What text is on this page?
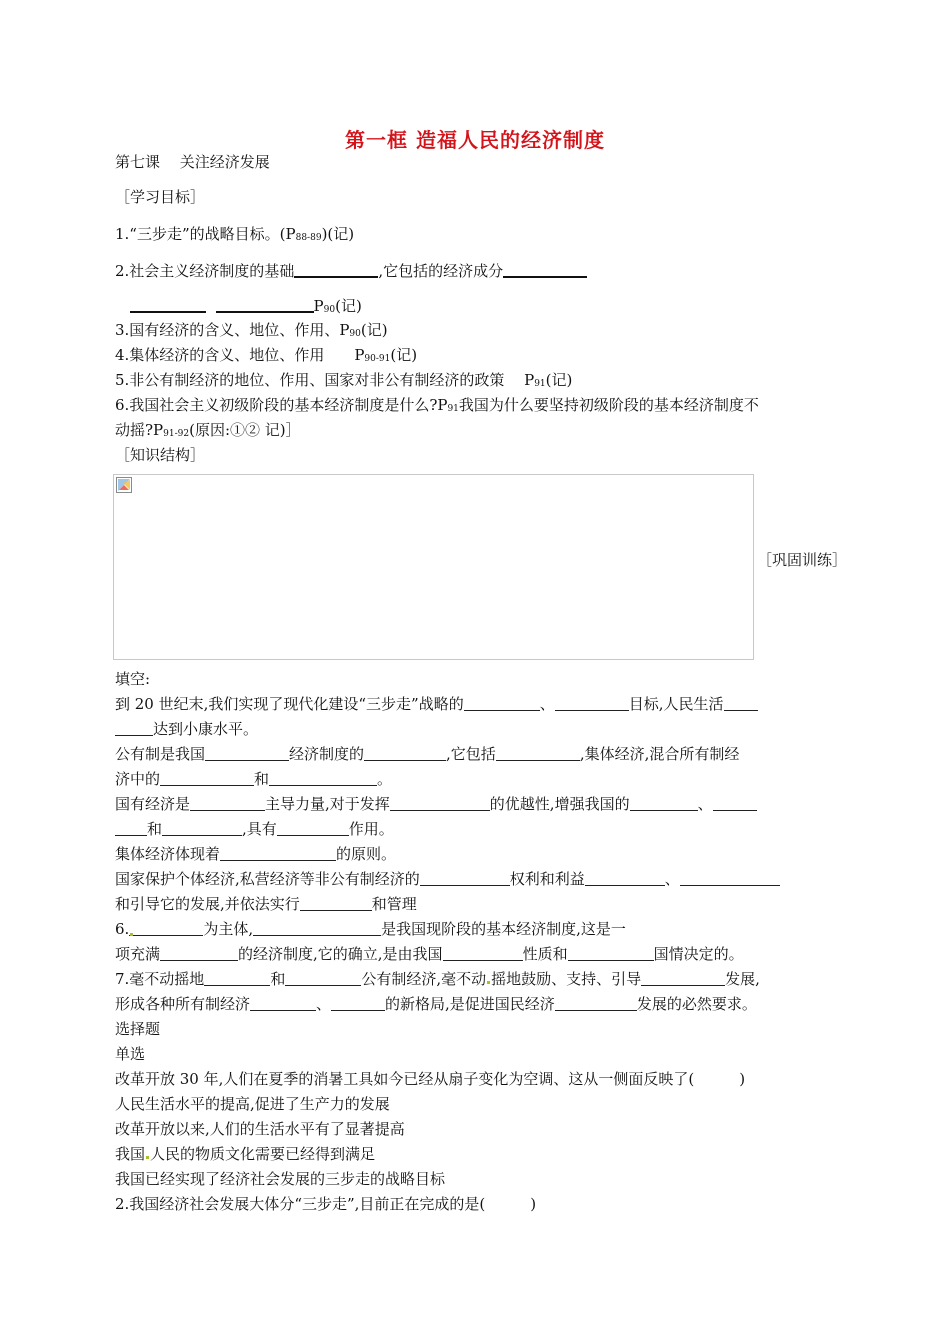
第一框 造福人民的经济制度
第七课　 关注经济发展
［学习目标］
1.“三步走”的战略目标。$(P_{88-89})$(记)
2.社会主义经济制度的基础	,它包括的经济成分
$P_{90}$(记)
3.国有经济的含义、地位、作用、$P_{90}$(记)
4.集体经济的含义、地位、作用　　$P_{90-91}$(记)
5.非公有制经济的地位、作用、国家对非公有制经济的政策　 $P_{91}$(记)
6.我国社会主义初级阶段的基本经济制度是什么$?P_{91}$我国为什么要坚持初级阶段的基本经济制度不
动摇$?P_{91-92}$(原因:①② 记)］
［知识结构］
［巩固训练］
填空:
到 20 世纪末,我们实现了现代化建设“三步走”战略的	、	目标,人民生活
达到小康水平。
公有制是我国	经济制度的	,它包括	,集体经济,混合所有制经
济中的	和	。
国有经济是	主导力量,对于发挥	的优越性,增强我国的	、
和	,具有	作用。
集体经济体现着	的原则。
国家保护个体经济,私营经济等非公有制经济的	权利和利益	、
和引导它的发展,并依法实行	和管理
6.	为主体,	是我国现阶段的基本经济制度,这是一
项充满	的经济制度,它的确立,是由我国	性质和	国情决定的。
7.毫不动摇地	和	公有制经济,毫不动 摇地鼓励、支持、引导	发展,
形成各种所有制经济	、	的新格局,是促进国民经济	发展的必然要求。
选择题
单选
改革开放 30 年,人们在夏季的消暑工具如今已经从扇子变化为空调、这从一侧面反映了(　　　)
人民生活水平的提高,促进了生产力的发展
改革开放以来,人们的生活水平有了显著提高
我国 人民的物质文化需要已经得到满足
我国已经实现了经济社会发展的三步走的战略目标
2.我国经济社会发展大体分“三步走”,目前正在完成的是(　　　)
